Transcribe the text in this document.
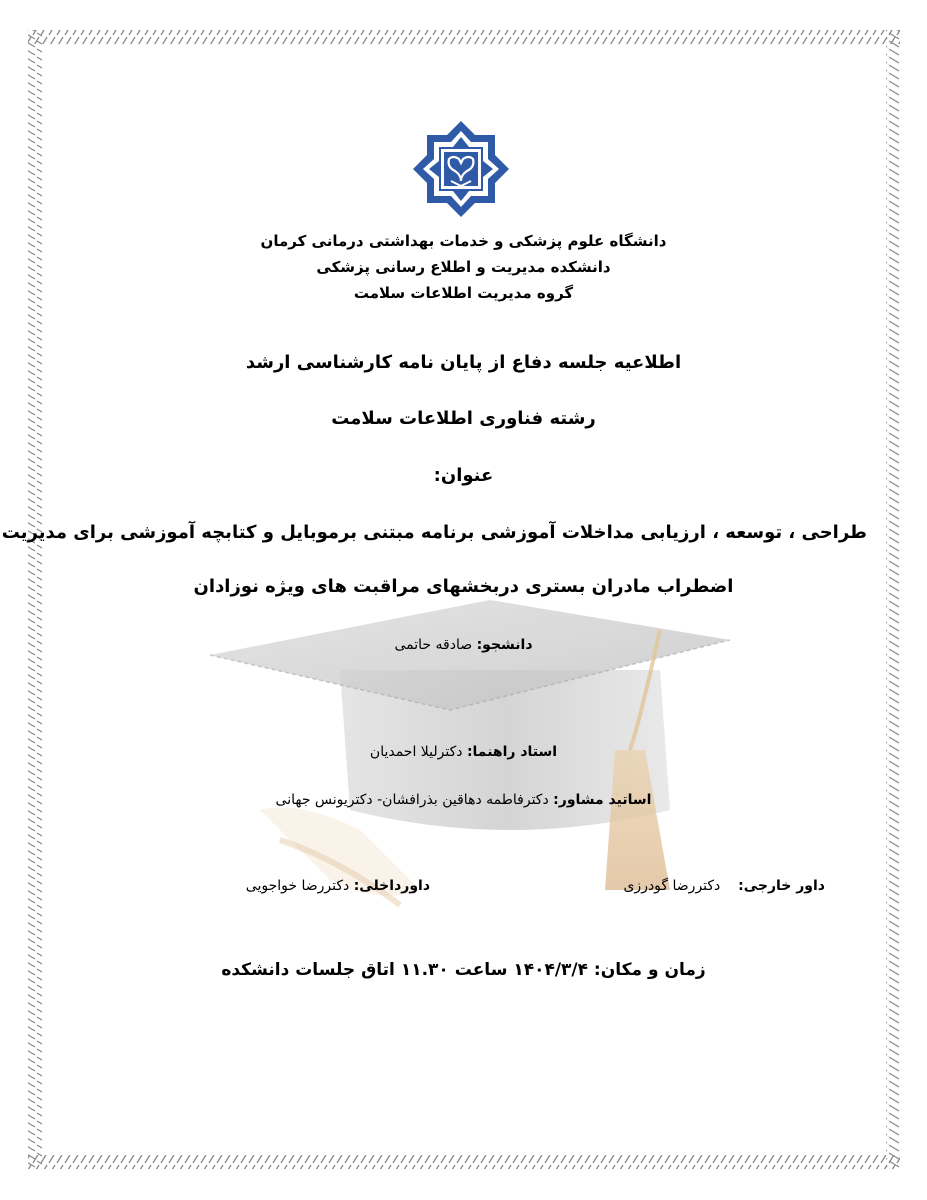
دانشگاه علوم پزشکی و خدمات بهداشتی درمانی کرمان
دانشکده مدیریت و اطلاع رسانی پزشکی
گروه مدیریت اطلاعات سلامت
اطلاعیه جلسه دفاع از پایان نامه کارشناسی ارشد
رشته فناوری اطلاعات سلامت
عنوان:
طراحی ، توسعه ، ارزیابی مداخلات آموزشی برنامه مبتنی برموبایل و کتابچه آموزشی برای مدیریت
اضطراب مادران بستری دربخشهای مراقبت های ویژه نوزادان
دانشجو: صادقه حاتمی
استاد راهنما: دکترلیلا احمدیان
اساتید مشاور: دکترفاطمه دهاقین بذرافشان- دکتریونس جهانی
داور خارجی:    دکتررضا گودرزی
داورداخلی: دکتررضا خواجویی
زمان و مکان: ۱۴۰۴/۳/۴ ساعت ۱۱.۳۰ اتاق جلسات دانشکده
